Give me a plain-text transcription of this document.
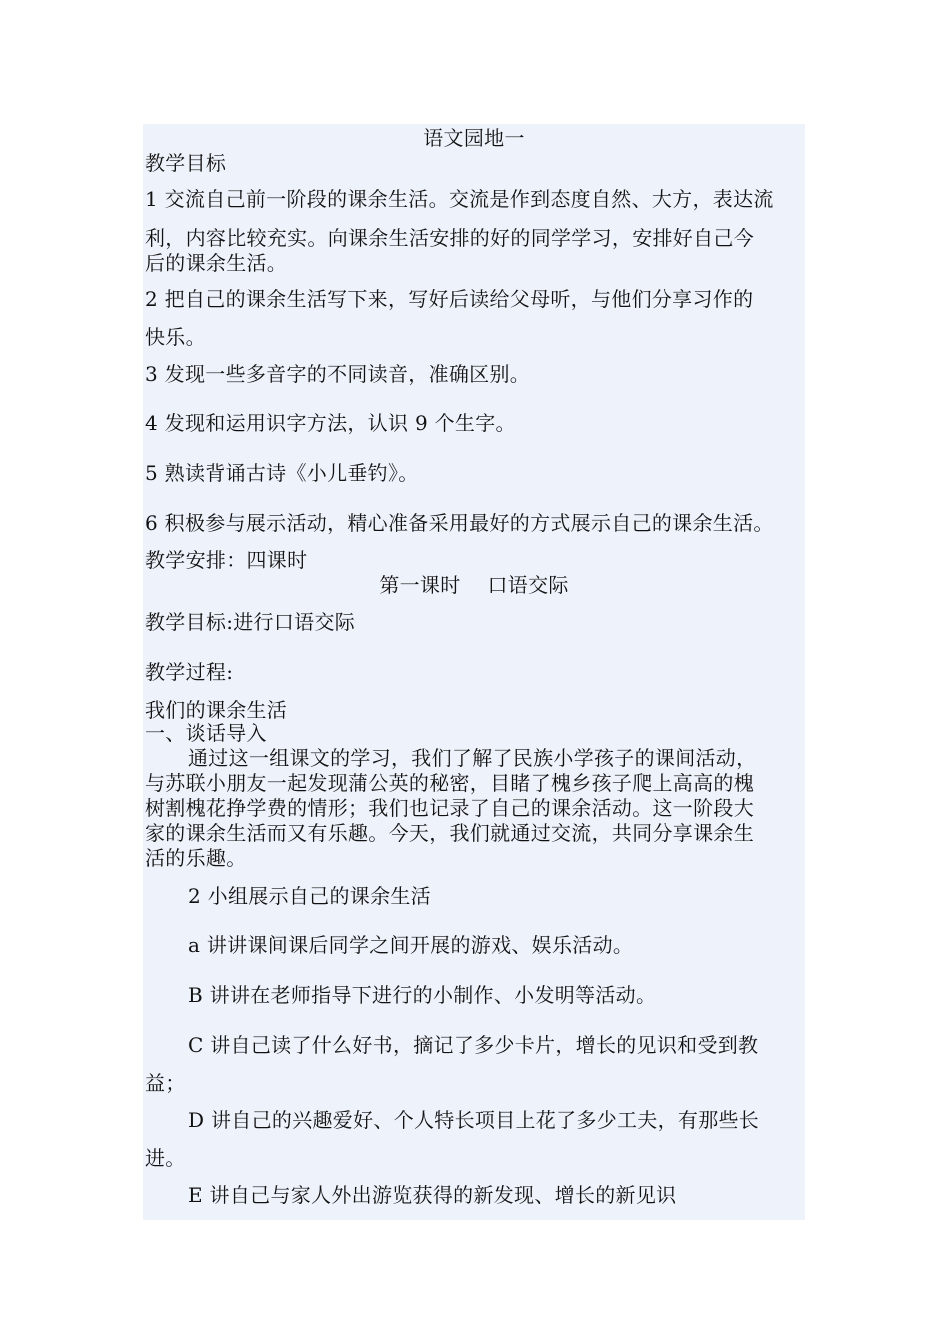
语文园地一
教学目标
1 交流自己前一阶段的课余生活。交流是作到态度自然、大方，表达流
利，内容比较充实。向课余生活安排的好的同学学习，安排好自己今
后的课余生活。
2 把自己的课余生活写下来，写好后读给父母听，与他们分享习作的
快乐。
3 发现一些多音字的不同读音，准确区别。
4 发现和运用识字方法，认识 9 个生字。
5 熟读背诵古诗《小儿垂钓》。
6 积极参与展示活动，精心准备采用最好的方式展示自己的课余生活。
教学安排：四课时
第一课时　 口语交际
教学目标:进行口语交际
教学过程:
我们的课余生活
一、谈话导入
通过这一组课文的学习，我们了解了民族小学孩子的课间活动，
与苏联小朋友一起发现蒲公英的秘密，目睹了槐乡孩子爬上高高的槐
树割槐花挣学费的情形；我们也记录了自己的课余活动。这一阶段大
家的课余生活而又有乐趣。今天，我们就通过交流，共同分享课余生
活的乐趣。
2 小组展示自己的课余生活
a 讲讲课间课后同学之间开展的游戏、娱乐活动。
B 讲讲在老师指导下进行的小制作、小发明等活动。
C 讲自己读了什么好书，摘记了多少卡片，增长的见识和受到教
益；
D 讲自己的兴趣爱好、个人特长项目上花了多少工夫，有那些长
进。
E 讲自己与家人外出游览获得的新发现、增长的新见识
